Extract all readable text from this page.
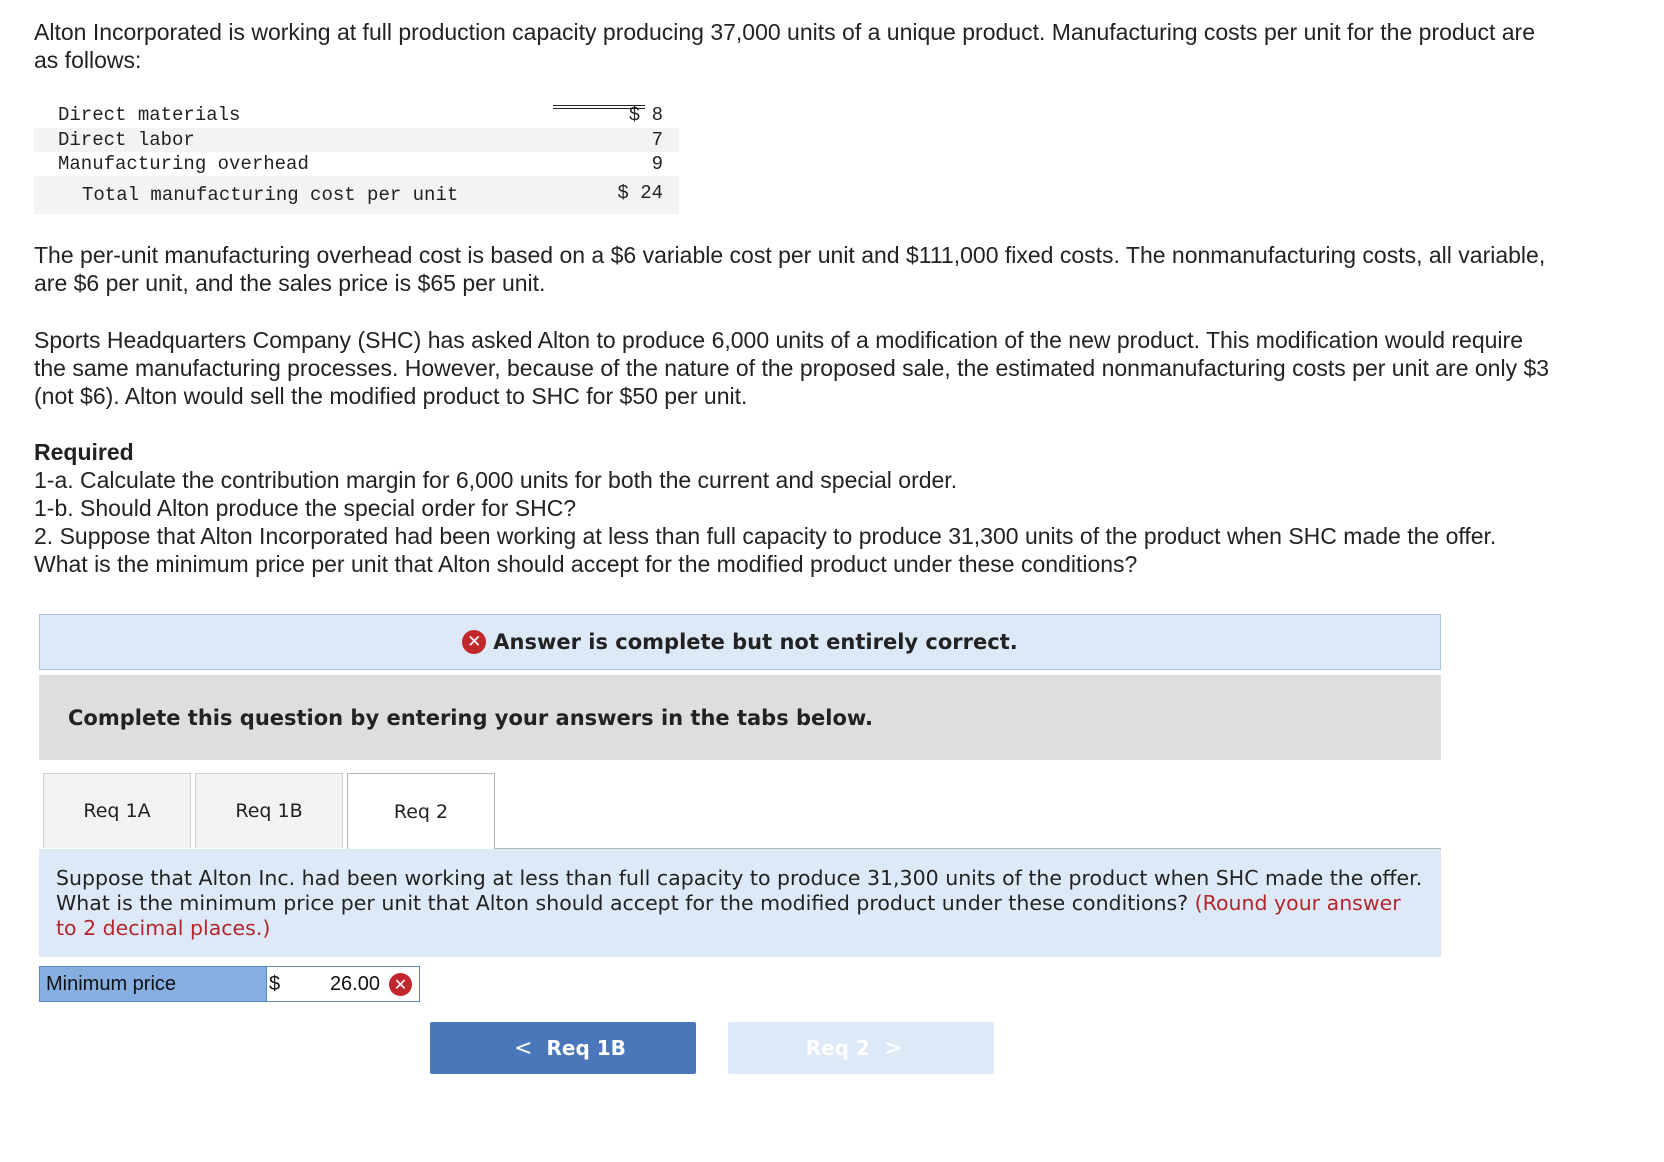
Alton Incorporated is working at full production capacity producing 37,000 units of a unique product. Manufacturing costs per unit for the product are as follows:

Direct materials	$ 8
Direct labor	7
Manufacturing overhead	9
Total manufacturing cost per unit	$ 24

The per-unit manufacturing overhead cost is based on a $6 variable cost per unit and $111,000 fixed costs. The nonmanufacturing costs, all variable, are $6 per unit, and the sales price is $65 per unit.

Sports Headquarters Company (SHC) has asked Alton to produce 6,000 units of a modification of the new product. This modification would require the same manufacturing processes. However, because of the nature of the proposed sale, the estimated nonmanufacturing costs per unit are only $3 (not $6). Alton would sell the modified product to SHC for $50 per unit.

Required
1-a. Calculate the contribution margin for 6,000 units for both the current and special order.
1-b. Should Alton produce the special order for SHC?
2. Suppose that Alton Incorporated had been working at less than full capacity to produce 31,300 units of the product when SHC made the offer. What is the minimum price per unit that Alton should accept for the modified product under these conditions?
✕ Answer is complete but not entirely correct.
Complete this question by entering your answers in the tabs below.
Req 1A	Req 1B	Req 2
Suppose that Alton Inc. had been working at less than full capacity to produce 31,300 units of the product when SHC made the offer. What is the minimum price per unit that Alton should accept for the modified product under these conditions? (Round your answer to 2 decimal places.)
Minimum price	$ 26.00 ✕
< Req 1B	Req 2 >
